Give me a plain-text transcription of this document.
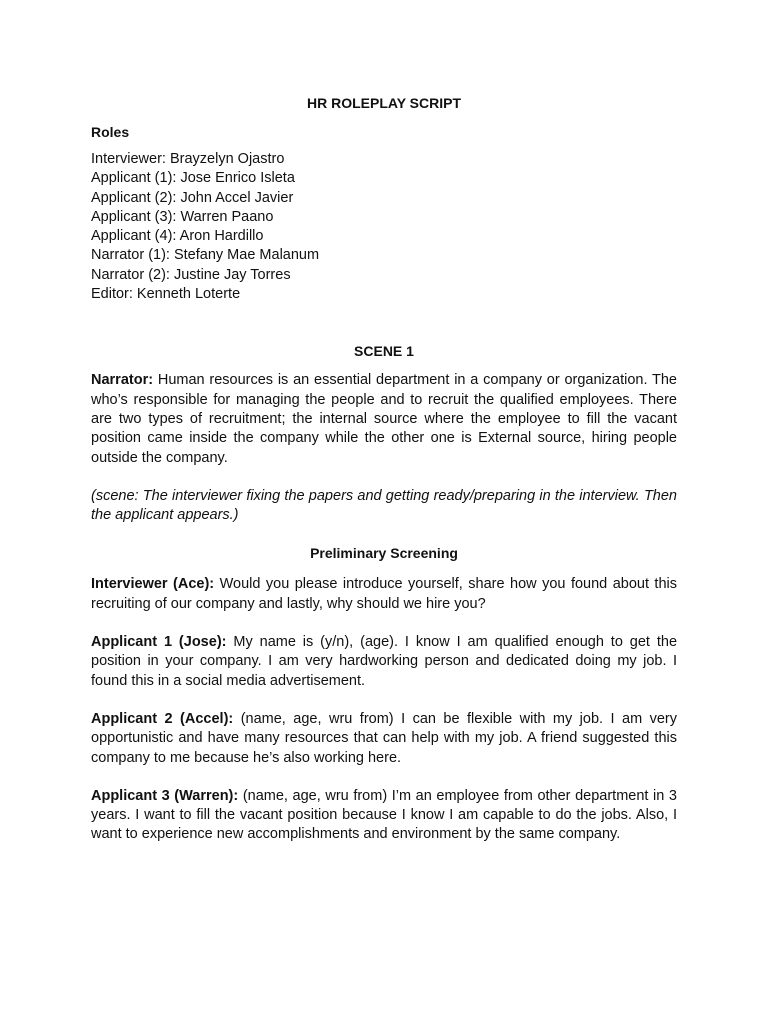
HR ROLEPLAY SCRIPT
Roles
Interviewer: Brayzelyn Ojastro
Applicant (1): Jose Enrico Isleta
Applicant (2): John Accel Javier
Applicant (3): Warren Paano
Applicant (4): Aron Hardillo
Narrator (1): Stefany Mae Malanum
Narrator (2): Justine Jay Torres
Editor: Kenneth Loterte
SCENE 1

Narrator: Human resources is an essential department in a company or organization. The who’s responsible for managing the people and to recruit the qualified employees. There are two types of recruitment; the internal source where the employee to fill the vacant position came inside the company while the other one is External source, hiring people outside the company.

(scene: The interviewer fixing the papers and getting ready/preparing in the interview. Then the applicant appears.)

Preliminary Screening

Interviewer (Ace): Would you please introduce yourself, share how you found about this recruiting of our company and lastly, why should we hire you?

Applicant 1 (Jose): My name is (y/n), (age). I know I am qualified enough to get the position in your company. I am very hardworking person and dedicated doing my job. I found this in a social media advertisement.

Applicant 2 (Accel): (name, age, wru from) I can be flexible with my job. I am very opportunistic and have many resources that can help with my job. A friend suggested this company to me because he’s also working here.

Applicant 3 (Warren): (name, age, wru from) I’m an employee from other department in 3 years. I want to fill the vacant position because I know I am capable to do the jobs. Also, I want to experience new accomplishments and environment by the same company.
